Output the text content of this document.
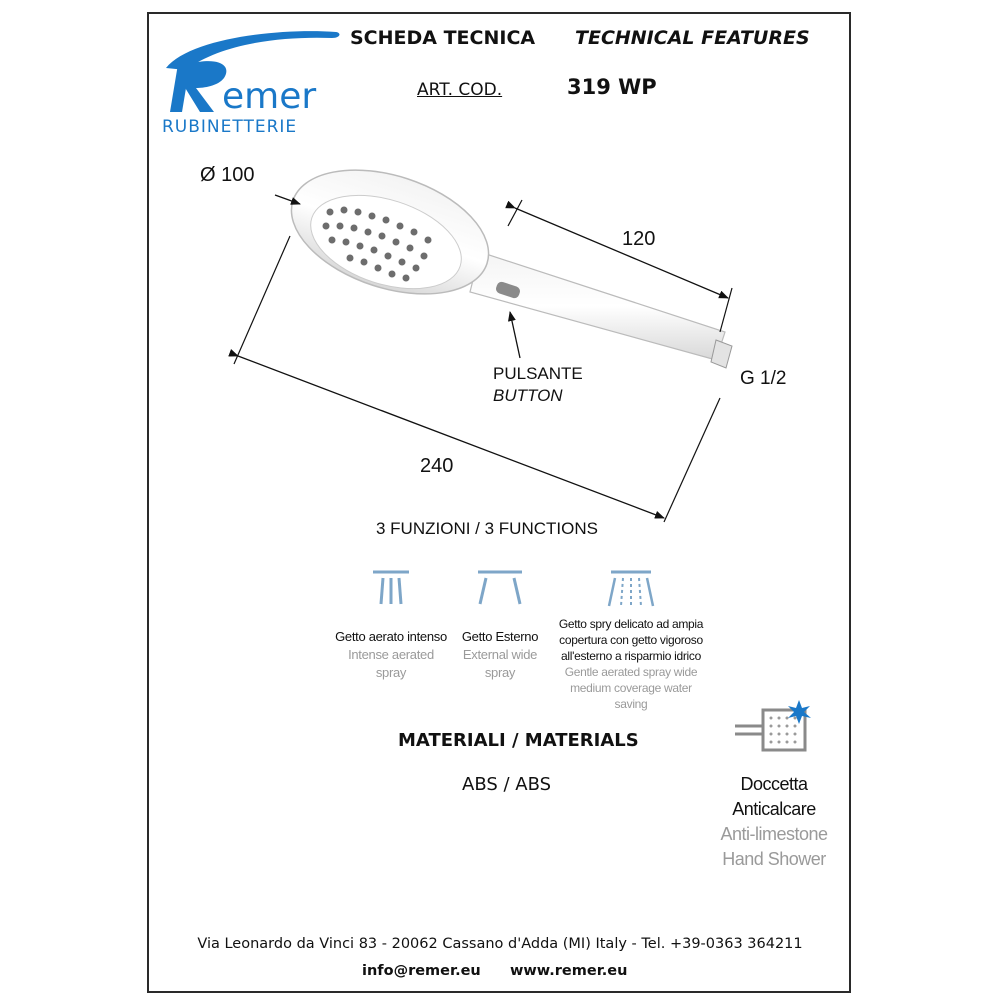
emer
RUBINETTERIE
SCHEDA TECNICA TECHNICAL FEATURES
ART. COD.	319 WP
Ø 100
120
240
G 1/2
PULSANTE
BUTTON
3 FUNZIONI / 3 FUNCTIONS
Getto aerato intenso
Intense aerated
spray
Getto Esterno
External wide
spray
Getto spry delicato ad ampia
copertura con getto vigoroso
all'esterno a risparmio idrico
Gentle aerated spray wide
medium coverage water
saving
MATERIALI / MATERIALS
ABS / ABS	Doccetta
Anticalcare
Anti-limestone
Hand Shower
Via Leonardo da Vinci 83 - 20062 Cassano d'Adda (MI) Italy - Tel. +39-0363 364211
info@remer.eu www.remer.eu
